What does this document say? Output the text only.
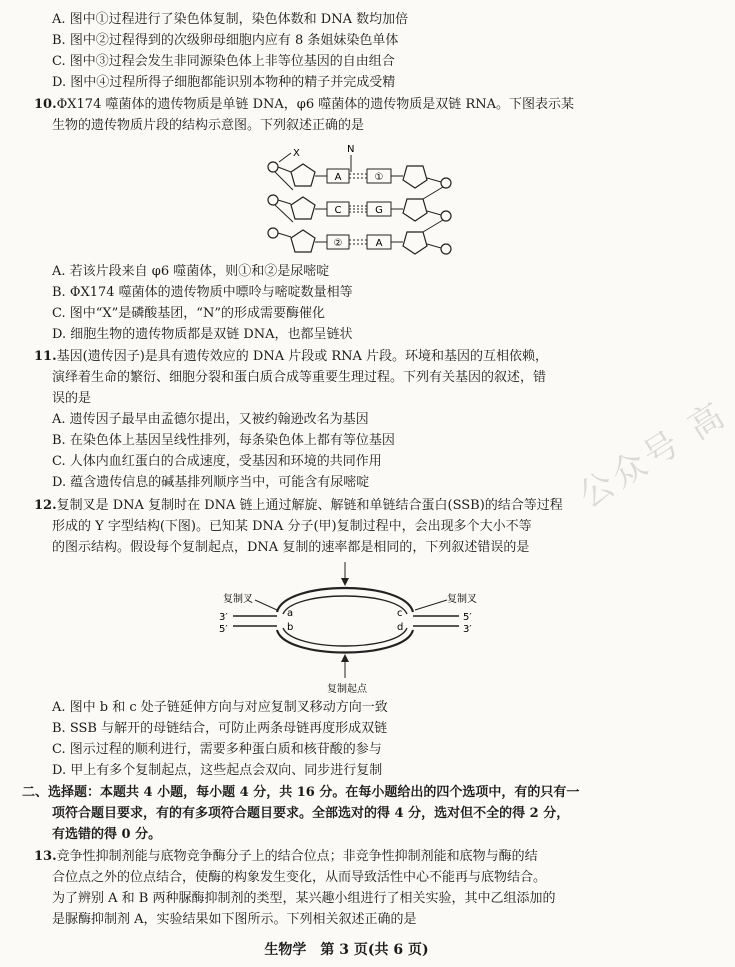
A. 图中①过程进行了染色体复制，染色体数和 DNA 数均加倍
B. 图中②过程得到的次级卵母细胞内应有 8 条姐妹染色单体
C. 图中③过程会发生非同源染色体上非等位基因的自由组合
D. 图中④过程所得子细胞都能识别本物种的精子并完成受精
10.ΦX174 噬菌体的遗传物质是单链 DNA，φ6 噬菌体的遗传物质是双链 RNA。下图表示某
生物的遗传物质片段的结构示意图。下列叙述正确的是
X	N
A
C
②
①
G
A
A. 若该片段来自 φ6 噬菌体，则①和②是尿嘧啶
B. ΦX174 噬菌体的遗传物质中嘌呤与嘧啶数量相等
C. 图中“X”是磷酸基团，“N”的形成需要酶催化
D. 细胞生物的遗传物质都是双链 DNA，也都呈链状
11.基因(遗传因子)是具有遗传效应的 DNA 片段或 RNA 片段。环境和基因的互相依赖，
演绎着生命的繁衍、细胞分裂和蛋白质合成等重要生理过程。下列有关基因的叙述，错
误的是
A. 遗传因子最早由孟德尔提出，又被约翰逊改名为基因
B. 在染色体上基因呈线性排列，每条染色体上都有等位基因
C. 人体内血红蛋白的合成速度，受基因和环境的共同作用
D. 蕴含遗传信息的碱基排列顺序当中，可能含有尿嘧啶
12.复制叉是 DNA 复制时在 DNA 链上通过解旋、解链和单链结合蛋白(SSB)的结合等过程
形成的 Y 字型结构(下图)。已知某 DNA 分子(甲)复制过程中，会出现多个大小不等
的图示结构。假设每个复制起点，DNA 复制的速率都是相同的，下列叙述错误的是
公众号 高
复制叉	复制叉
3′
5′
5′
3′
a
b
c
d
复制起点
A. 图中 b 和 c 处子链延伸方向与对应复制叉移动方向一致
B. SSB 与解开的母链结合，可防止两条母链再度形成双链
C. 图示过程的顺利进行，需要多种蛋白质和核苷酸的参与
D. 甲上有多个复制起点，这些起点会双向、同步进行复制
二、选择题：本题共 4 小题，每小题 4 分，共 16 分。在每小题给出的四个选项中，有的只有一
项符合题目要求，有的有多项符合题目要求。全部选对的得 4 分，选对但不全的得 2 分，
有选错的得 0 分。
13.竞争性抑制剂能与底物竞争酶分子上的结合位点；非竞争性抑制剂能和底物与酶的结
合位点之外的位点结合，使酶的构象发生变化，从而导致活性中心不能再与底物结合。
为了辨别 A 和 B 两种脲酶抑制剂的类型，某兴趣小组进行了相关实验，其中乙组添加的
是脲酶抑制剂 A，实验结果如下图所示。下列相关叙述正确的是
生物学　第 3 页(共 6 页)
